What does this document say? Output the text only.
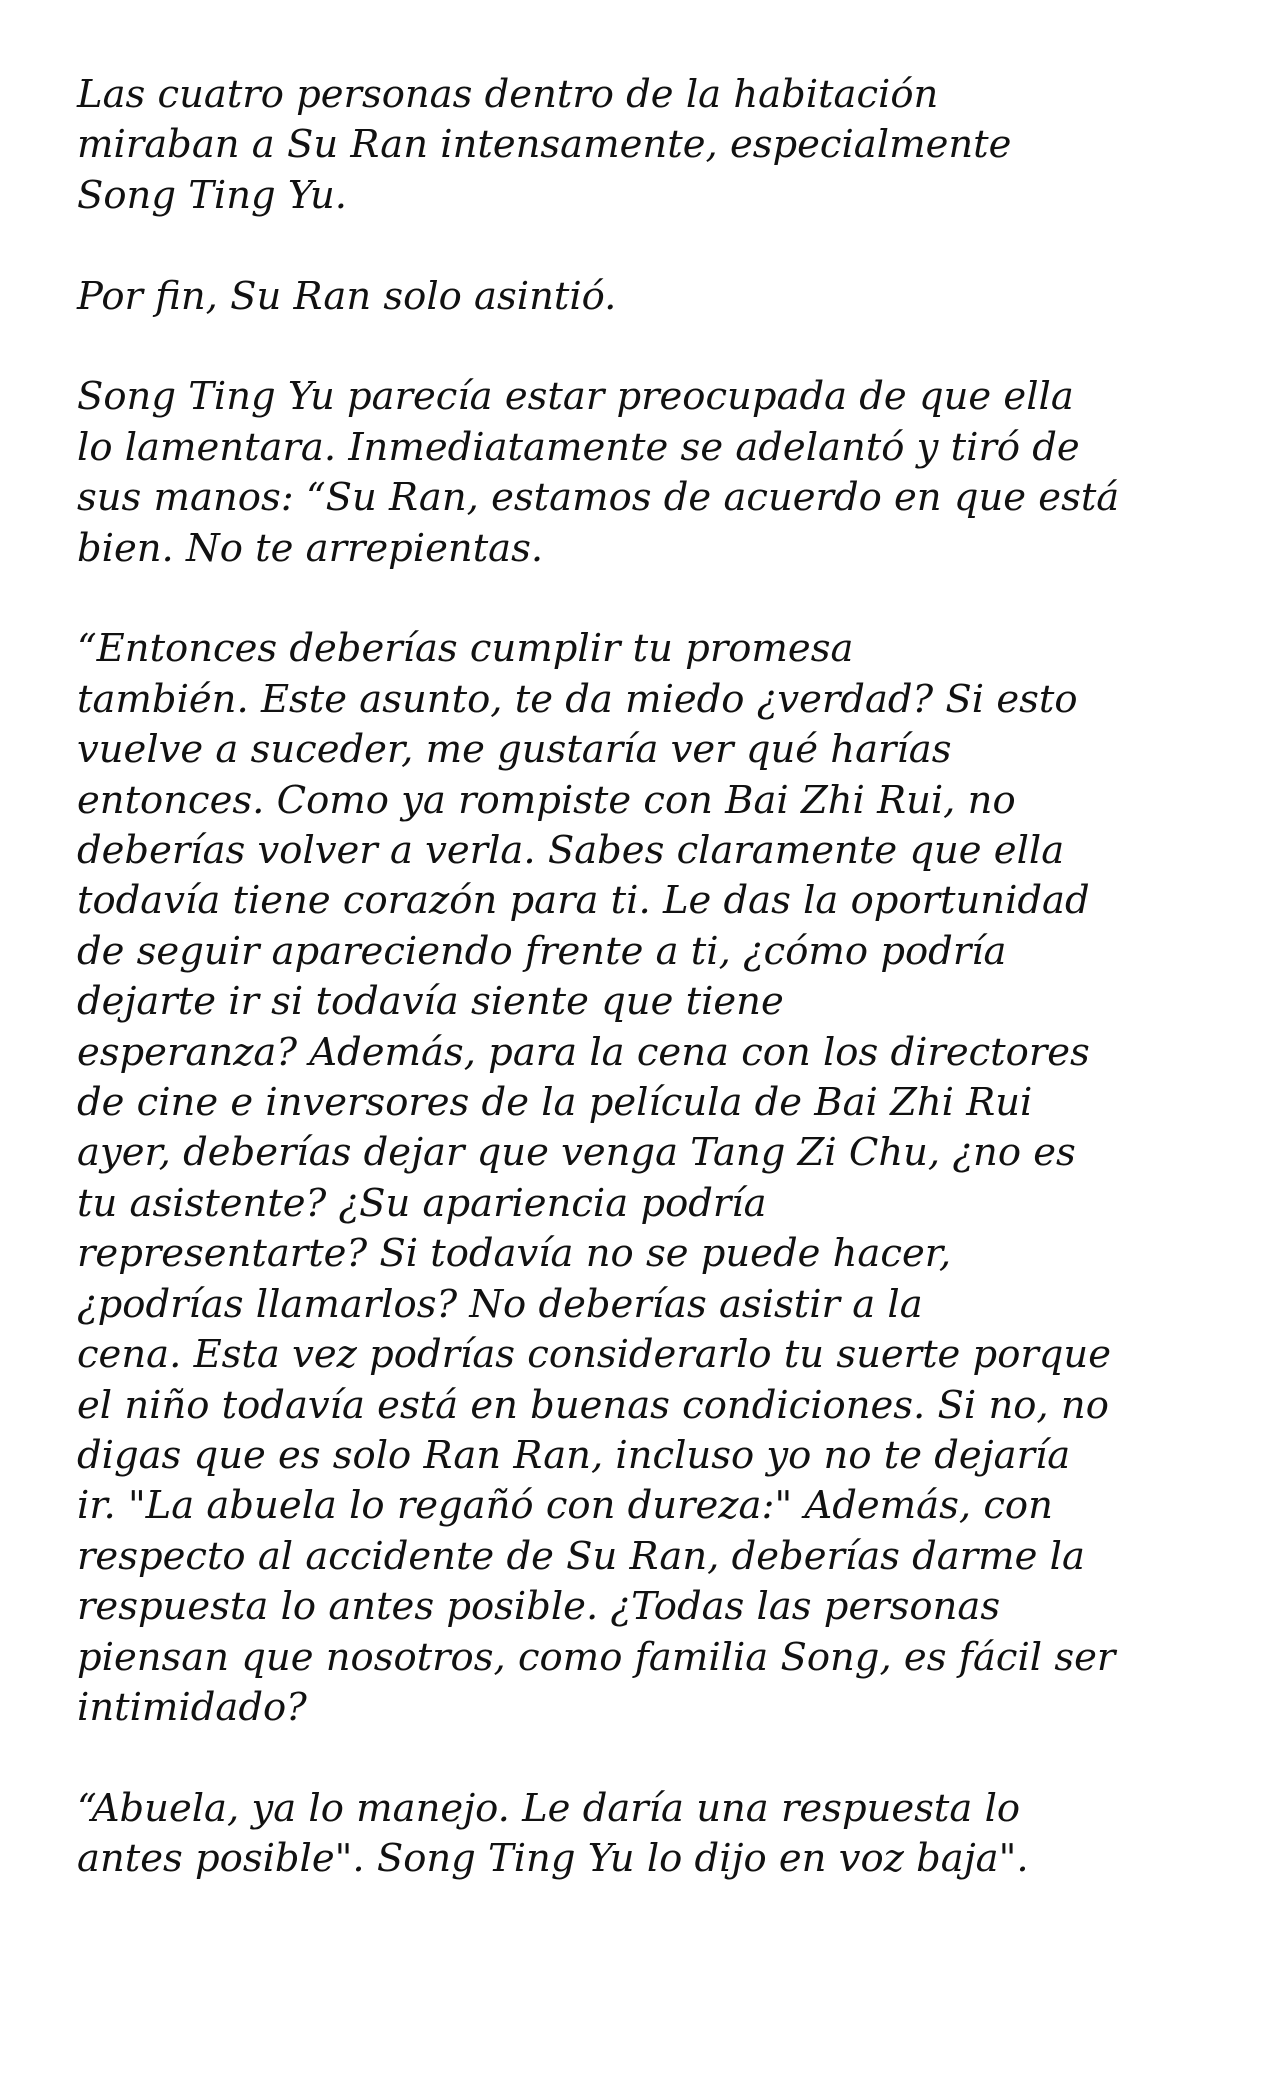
Las cuatro personas dentro de la habitación
miraban a Su Ran intensamente, especialmente
Song Ting Yu.

Por fin, Su Ran solo asintió.

Song Ting Yu parecía estar preocupada de que ella
lo lamentara. Inmediatamente se adelantó y tiró de
sus manos: “Su Ran, estamos de acuerdo en que está
bien. No te arrepientas.

“Entonces deberías cumplir tu promesa
también. Este asunto, te da miedo ¿verdad? Si esto
vuelve a suceder, me gustaría ver qué harías
entonces. Como ya rompiste con Bai Zhi Rui, no
deberías volver a verla. Sabes claramente que ella
todavía tiene corazón para ti. Le das la oportunidad
de seguir apareciendo frente a ti, ¿cómo podría
dejarte ir si todavía siente que tiene
esperanza? Además, para la cena con los directores
de cine e inversores de la película de Bai Zhi Rui
ayer, deberías dejar que venga Tang Zi Chu, ¿no es
tu asistente? ¿Su apariencia podría
representarte? Si todavía no se puede hacer,
¿podrías llamarlos? No deberías asistir a la
cena. Esta vez podrías considerarlo tu suerte porque
el niño todavía está en buenas condiciones. Si no, no
digas que es solo Ran Ran, incluso yo no te dejaría
ir. "La abuela lo regañó con dureza:" Además, con
respecto al accidente de Su Ran, deberías darme la
respuesta lo antes posible. ¿Todas las personas
piensan que nosotros, como familia Song, es fácil ser
intimidado?

“Abuela, ya lo manejo. Le daría una respuesta lo
antes posible". Song Ting Yu lo dijo en voz baja".
